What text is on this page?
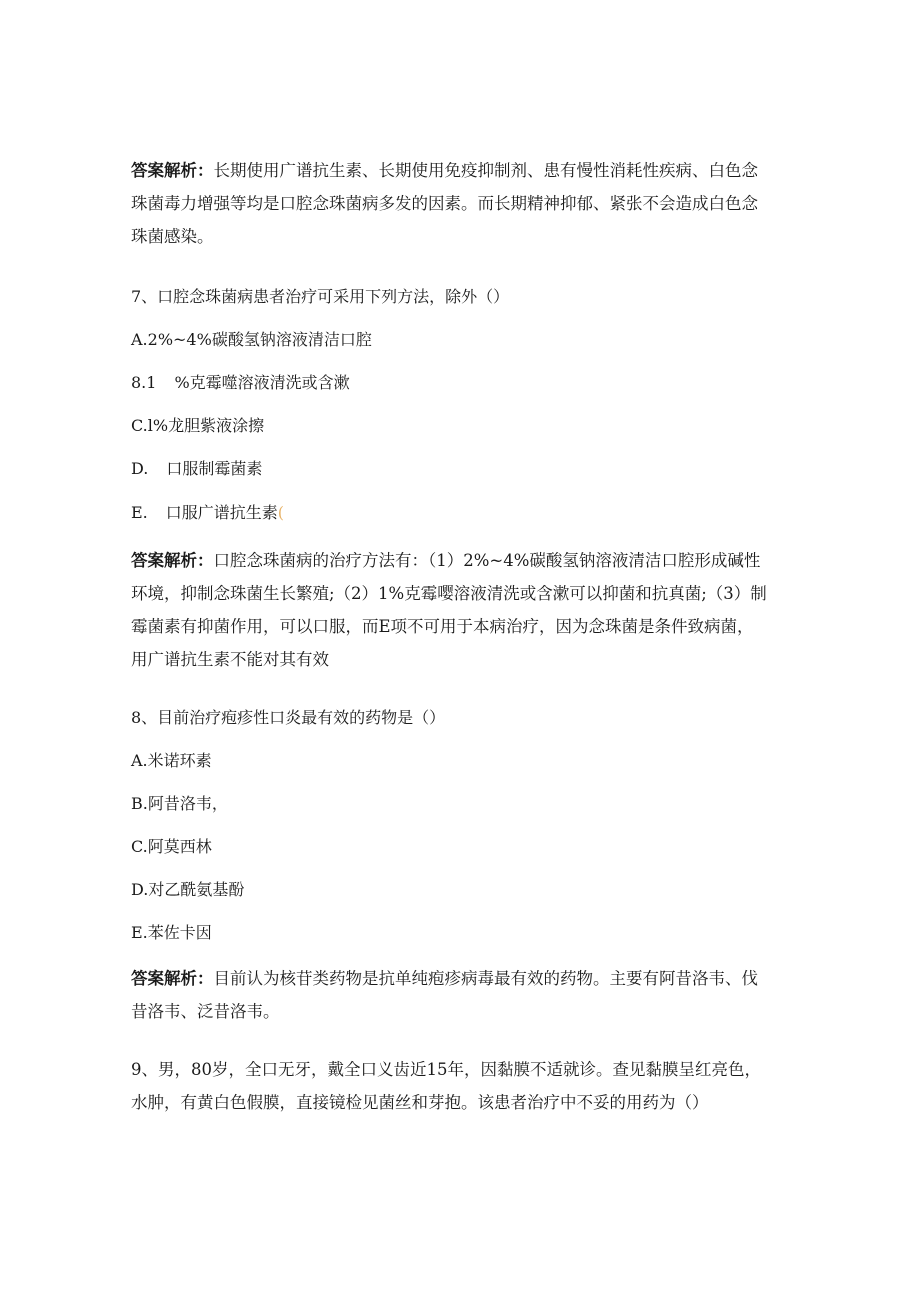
答案解析：长期使用广谱抗生素、长期使用免疫抑制剂、患有慢性消耗性疾病、白色念
珠菌毒力增强等均是口腔念珠菌病多发的因素。而长期精神抑郁、紧张不会造成白色念
珠菌感染。
7、口腔念珠菌病患者治疗可采用下列方法，除外（）
A.2%~4%碳酸氢钠溶液清洁口腔
8.1 %克霉噬溶液清洗或含漱
C.l%龙胆紫液涂擦
D. 口服制霉菌素
E. 口服广谱抗生素(
答案解析：口腔念珠菌病的治疗方法有：（1）2%~4%碳酸氢钠溶液清洁口腔形成碱性
环境，抑制念珠菌生长繁殖;（2）1%克霉嘤溶液清洗或含漱可以抑菌和抗真菌;（3）制
霉菌素有抑菌作用，可以口服，而E项不可用于本病治疗，因为念珠菌是条件致病菌，
用广谱抗生素不能对其有效
8、目前治疗疱疹性口炎最有效的药物是（）
A.米诺环素
B.阿昔洛韦，
C.阿莫西林
D.对乙酰氨基酚
E.苯佐卡因
答案解析：目前认为核苷类药物是抗单纯疱疹病毒最有效的药物。主要有阿昔洛韦、伐
昔洛韦、泛昔洛韦。
9、男，80岁，全口无牙，戴全口义齿近15年，因黏膜不适就诊。查见黏膜呈红亮色，
水肿，有黄白色假膜，直接镜检见菌丝和芽抱。该患者治疗中不妥的用药为（）
